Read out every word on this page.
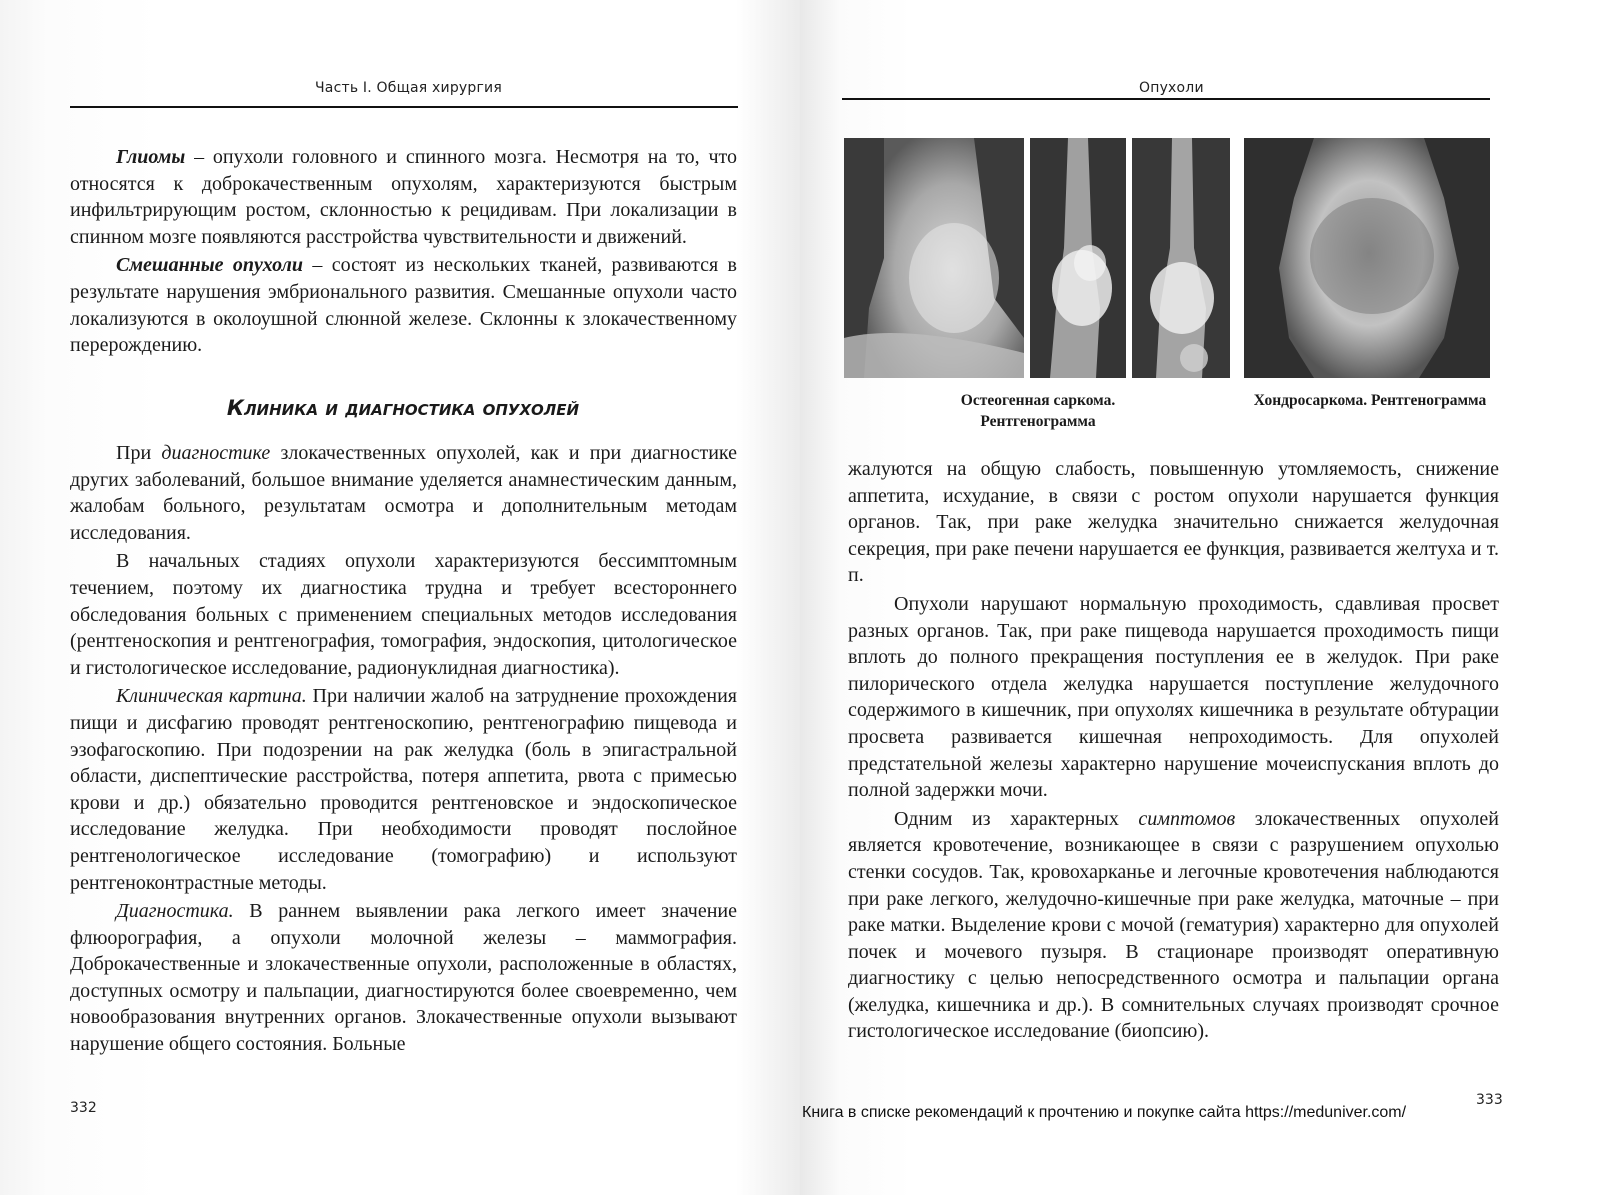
Часть I. Общая хирургия

Глиомы – опухоли головного и спинного мозга. Несмотря на то, что относятся к доброкачественным опухолям, характеризуются быстрым инфильтрирующим ростом, склонностью к рецидивам. При локализации в спинном мозге появляются расстройства чувствительности и движений.

Смешанные опухоли – состоят из нескольких тканей, развиваются в результате нарушения эмбрионального развития. Смешанные опухоли часто локализуются в околоушной слюнной железе. Склонны к злокачественному перерождению.

Клиника и диагностика опухолей

При диагностике злокачественных опухолей, как и при диагностике других заболеваний, большое внимание уделяется анамнестическим данным, жалобам больного, результатам осмотра и дополнительным методам исследования.

В начальных стадиях опухоли характеризуются бессимптомным течением, поэтому их диагностика трудна и требует всестороннего обследования больных с применением специальных методов исследования (рентгеноскопия и рентгенография, томография, эндоскопия, цитологическое и гистологическое исследование, радионуклидная диагностика).

Клиническая картина. При наличии жалоб на затруднение прохождения пищи и дисфагию проводят рентгеноскопию, рентгенографию пищевода и эзофагоскопию. При подозрении на рак желудка (боль в эпигастральной области, диспептические расстройства, потеря аппетита, рвота с примесью крови и др.) обязательно проводится рентгеновское и эндоскопическое исследование желудка. При необходимости проводят послойное рентгенологическое исследование (томографию) и используют рентгеноконтрастные методы.

Диагностика. В раннем выявлении рака легкого имеет значение флюорография, а опухоли молочной железы – маммография. Доброкачественные и злокачественные опухоли, расположенные в областях, доступных осмотру и пальпации, диагностируются более своевременно, чем новообразования внутренних органов. Злокачественные опухоли вызывают нарушение общего состояния. Больные

332
Опухоли
Остеогенная саркома. Рентгенограмма
Хондросаркома. Рентгенограмма

жалуются на общую слабость, повышенную утомляемость, снижение аппетита, исхудание, в связи с ростом опухоли нарушается функция органов. Так, при раке желудка значительно снижается желудочная секреция, при раке печени нарушается ее функция, развивается желтуха и т. п.

Опухоли нарушают нормальную проходимость, сдавливая просвет разных органов. Так, при раке пищевода нарушается проходимость пищи вплоть до полного прекращения поступления ее в желудок. При раке пилорического отдела желудка нарушается поступление желудочного содержимого в кишечник, при опухолях кишечника в результате обтурации просвета развивается кишечная непроходимость. Для опухолей предстательной железы характерно нарушение мочеиспускания вплоть до полной задержки мочи.

Одним из характерных симптомов злокачественных опухолей является кровотечение, возникающее в связи с разрушением опухолью стенки сосудов. Так, кровохарканье и легочные кровотечения наблюдаются при раке легкого, желудочно-кишечные при раке желудка, маточные – при раке матки. Выделение крови с мочой (гематурия) характерно для опухолей почек и мочевого пузыря. В стационаре производят оперативную диагностику с целью непосредственного осмотра и пальпации органа (желудка, кишечника и др.). В сомнительных случаях производят срочное гистологическое исследование (биопсию).

333
Книга в списке рекомендаций к прочтению и покупке сайта https://meduniver.com/
